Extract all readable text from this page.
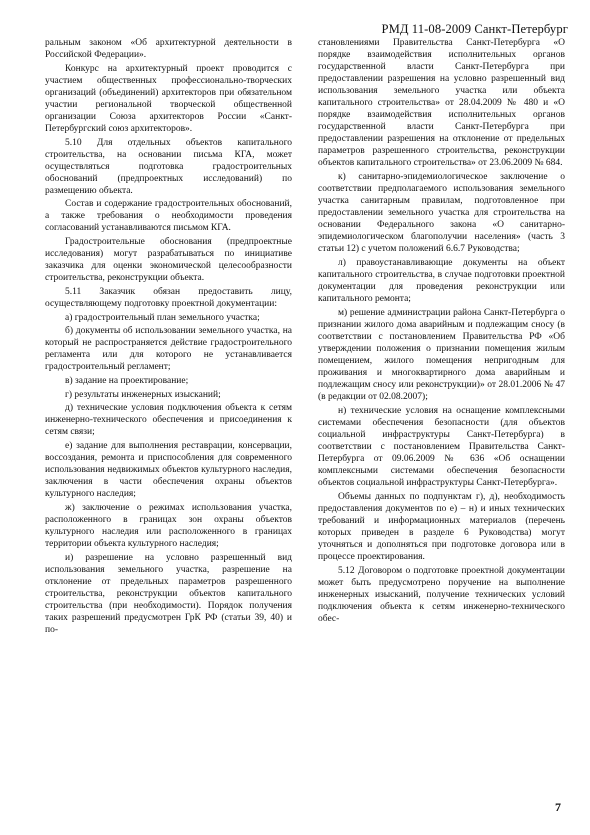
РМД 11-08-2009 Санкт-Петербург

ральным законом «Об архитектурной деятельности в Российской Федерации».

Конкурс на архитектурный проект проводится с участием общественных профессионально-творческих организаций (объединений) архитекторов при обязательном участии региональной творческой общественной организации Союза архитекторов России «Санкт-Петербургский союз архитекторов».

5.10 Для отдельных объектов капитального строительства, на основании письма КГА, может осуществляться подготовка градостроительных обоснований (предпроектных исследований) по размещению объекта.

Состав и содержание градостроительных обоснований, а также требования о необходимости проведения согласований устанавливаются письмом КГА.

Градостроительные обоснования (предпроектные исследования) могут разрабатываться по инициативе заказчика для оценки экономической целесообразности строительства, реконструкции объекта.

5.11 Заказчик обязан предоставить лицу, осуществляющему подготовку проектной документации:

а) градостроительный план земельного участка;

б) документы об использовании земельного участка, на который не распространяется действие градостроительного регламента или для которого не устанавливается градостроительный регламент;

в) задание на проектирование;

г) результаты инженерных изысканий;

д) технические условия подключения объекта к сетям инженерно-технического обеспечения и присоединения к сетям связи;

е) задание для выполнения реставрации, консервации, воссоздания, ремонта и приспособления для современного использования недвижимых объектов культурного наследия, заключения в части обеспечения охраны объектов культурного наследия;

ж) заключение о режимах использования участка, расположенного в границах зон охраны объектов культурного наследия или расположенного в границах территории объекта культурного наследия;

и) разрешение на условно разрешенный вид использования земельного участка, разрешение на отклонение от предельных параметров разрешенного строительства, реконструкции объектов капитального строительства (при необходимости). Порядок получения таких разрешений предусмотрен ГрК РФ (статьи 39, 40) и по-

становлениями Правительства Санкт-Петербурга «О порядке взаимодействия исполнительных органов государственной власти Санкт-Петербурга при предоставлении разрешения на условно разрешенный вид использования земельного участка или объекта капитального строительства» от 28.04.2009 № 480 и «О порядке взаимодействия исполнительных органов государственной власти Санкт-Петербурга при предоставлении разрешения на отклонение от предельных параметров разрешенного строительства, реконструкции объектов капитального строительства» от 23.06.2009 № 684.

к) санитарно-эпидемиологическое заключение о соответствии предполагаемого использования земельного участка санитарным правилам, подготовленное при предоставлении земельного участка для строительства на основании Федерального закона «О санитарно-эпидемиологическом благополучии населения» (часть 3 статьи 12) с учетом положений 6.6.7 Руководства;

л) правоустанавливающие документы на объект капитального строительства, в случае подготовки проектной документации для проведения реконструкции или капитального ремонта;

м) решение администрации района Санкт-Петербурга о признании жилого дома аварийным и подлежащим сносу (в соответствии с постановлением Правительства РФ «Об утверждении положения о признании помещения жилым помещением, жилого помещения непригодным для проживания и многоквартирного дома аварийным и подлежащим сносу или реконструкции)» от 28.01.2006 № 47 (в редакции от 02.08.2007);

н) технические условия на оснащение комплексными системами обеспечения безопасности (для объектов социальной инфраструктуры Санкт-Петербурга) в соответствии с постановлением Правительства Санкт-Петербурга от 09.06.2009 № 636 «Об оснащении комплексными системами обеспечения безопасности объектов социальной инфраструктуры Санкт-Петербурга».

Объемы данных по подпунктам г), д), необходимость предоставления документов по е) – н) и иных технических требований и информационных материалов (перечень которых приведен в разделе 6 Руководства) могут уточняться и дополняться при подготовке договора или в процессе проектирования.

5.12 Договором о подготовке проектной документации может быть предусмотрено поручение на выполнение инженерных изысканий, получение технических условий подключения объекта к сетям инженерно-технического обес-

7
